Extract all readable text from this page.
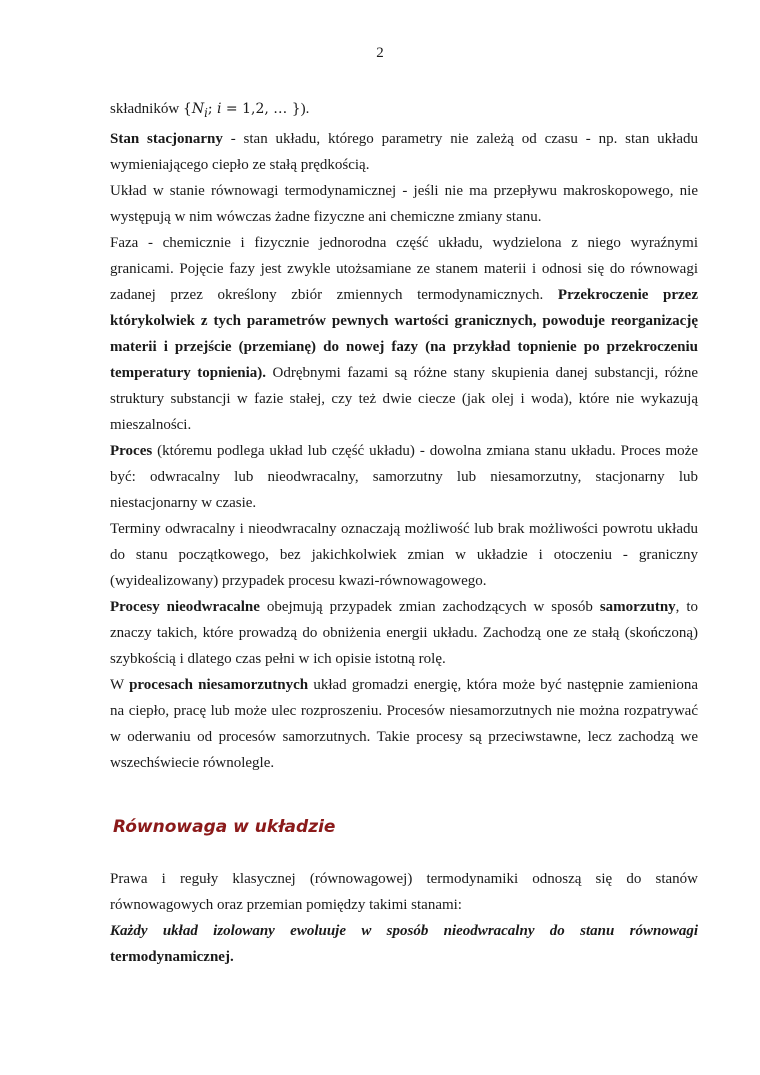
2

składników {$N_i$; i = 1,2, … }).

Stan stacjonarny - stan układu, którego parametry nie zależą od czasu - np. stan układu wymieniającego ciepło ze stałą prędkością.

Układ w stanie równowagi termodynamicznej - jeśli nie ma przepływu makroskopowego, nie występują w nim wówczas żadne fizyczne ani chemiczne zmiany stanu.

Faza - chemicznie i fizycznie jednorodna część układu, wydzielona z niego wyraźnymi granicami. Pojęcie fazy jest zwykle utożsamiane ze stanem materii i odnosi się do równowagi zadanej przez określony zbiór zmiennych termodynamicznych. Przekroczenie przez którykolwiek z tych parametrów pewnych wartości granicznych, powoduje reorganizację materii i przejście (przemianę) do nowej fazy (na przykład topnienie po przekroczeniu temperatury topnienia). Odrębnymi fazami są różne stany skupienia danej substancji, różne struktury substancji w fazie stałej, czy też dwie ciecze (jak olej i woda), które nie wykazują mieszalności.

Proces (któremu podlega układ lub część układu) - dowolna zmiana stanu układu. Proces może być: odwracalny lub nieodwracalny, samorzutny lub niesamorzutny, stacjonarny lub niestacjonarny w czasie.

Terminy odwracalny i nieodwracalny oznaczają możliwość lub brak możliwości powrotu układu do stanu początkowego, bez jakichkolwiek zmian w układzie i otoczeniu - graniczny (wyidealizowany) przypadek procesu kwazi-równowagowego.

Procesy nieodwracalne obejmują przypadek zmian zachodzących w sposób samorzutny, to znaczy takich, które prowadzą do obniżenia energii układu. Zachodzą one ze stałą (skończoną) szybkością i dlatego czas pełni w ich opisie istotną rolę.

W procesach niesamorzutnych układ gromadzi energię, która może być następnie zamieniona na ciepło, pracę lub może ulec rozproszeniu. Procesów niesamorzutnych nie można rozpatrywać w oderwaniu od procesów samorzutnych. Takie procesy są przeciwstawne, lecz zachodzą we wszechświecie równolegle.

Równowaga w układzie

Prawa i reguły klasycznej (równowagowej) termodynamiki odnoszą się do stanów równowagowych oraz przemian pomiędzy takimi stanami:

Każdy układ izolowany ewoluuje w sposób nieodwracalny do stanu równowagi

termodynamicznej.
